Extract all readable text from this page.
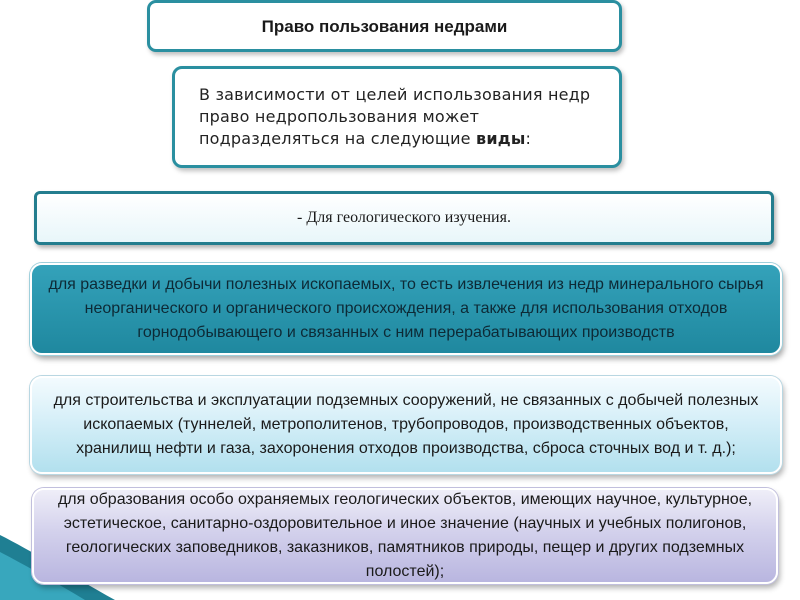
Право пользования недрами
В зависимости от целей использования недр право недропользования может подразделяться на следующие виды:
- Для геологического изучения.
для разведки и добычи полезных ископаемых, то есть извлечения из недр минерального сырья неорганического и органического происхождения, а также для использования отходов горнодобывающего и связанных с ним перерабатывающих производств
для строительства и эксплуатации подземных сооружений, не связанных с добычей полезных ископаемых (туннелей, метрополитенов, трубопроводов, производственных объектов, хранилищ нефти и газа, захоронения отходов производства, сброса сточных вод и т. д.);
для образования особо охраняемых геологических объектов, имеющих научное, культурное, эстетическое, санитарно-оздоровительное и иное значение (научных и учебных полигонов, геологических заповедников, заказников, памятников природы, пещер и других подземных полостей);
